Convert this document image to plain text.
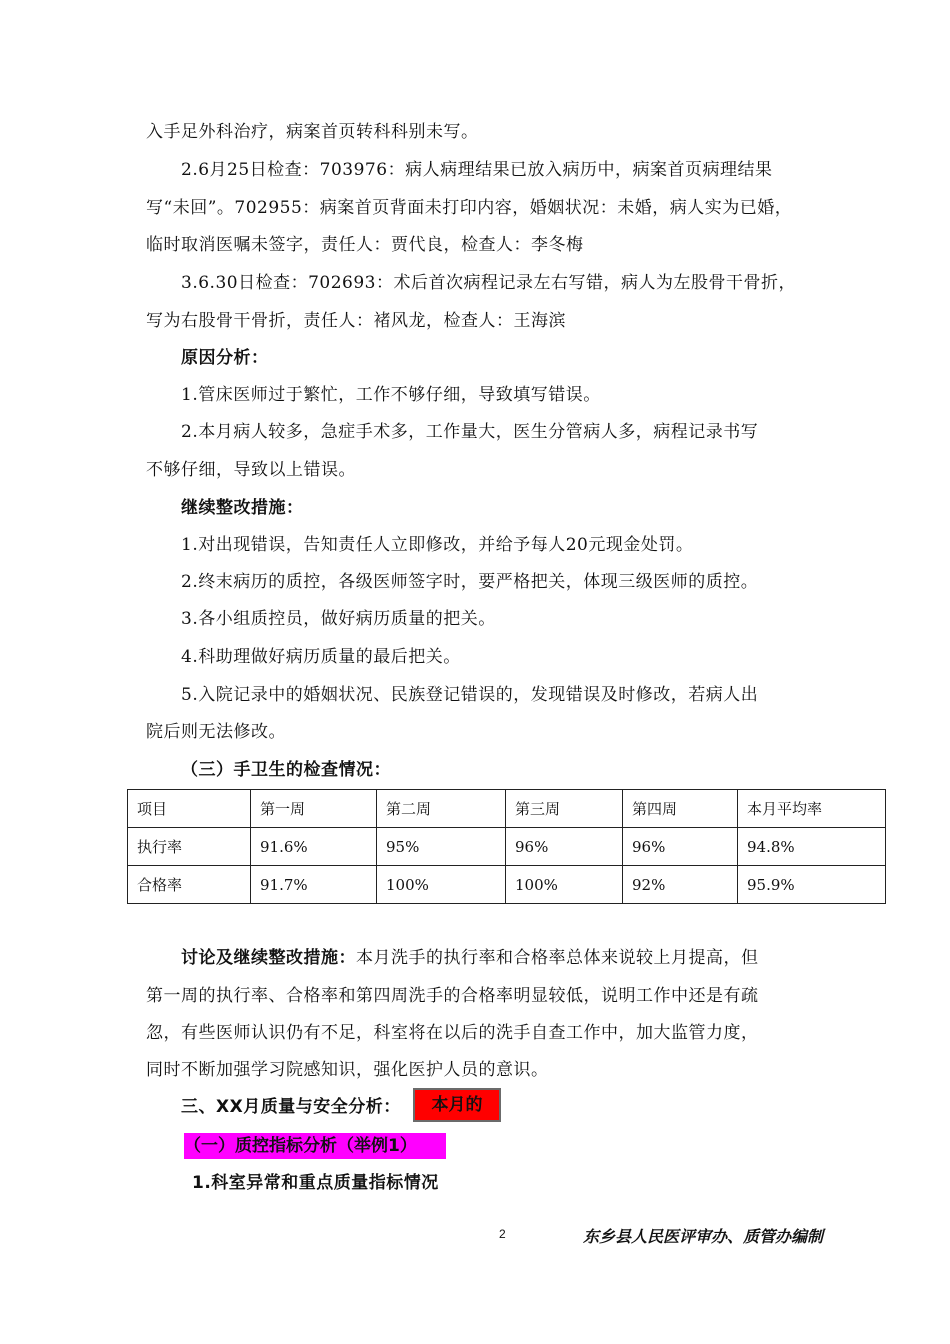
入手足外科治疗，病案首页转科科别未写。
2.6月25日检查：703976：病人病理结果已放入病历中，病案首页病理结果
写“未回”。702955：病案首页背面未打印内容，婚姻状况：未婚，病人实为已婚，
临时取消医嘱未签字，责任人：贾代良，检查人：李冬梅
3.6.30日检查：702693：术后首次病程记录左右写错，病人为左股骨干骨折，
写为右股骨干骨折，责任人：褚风龙，检查人：王海滨
原因分析：
1.管床医师过于繁忙，工作不够仔细，导致填写错误。
2.本月病人较多，急症手术多，工作量大，医生分管病人多，病程记录书写
不够仔细，导致以上错误。
继续整改措施：
1.对出现错误，告知责任人立即修改，并给予每人20元现金处罚。
2.终末病历的质控，各级医师签字时，要严格把关，体现三级医师的质控。
3.各小组质控员，做好病历质量的把关。
4.科助理做好病历质量的最后把关。
5.入院记录中的婚姻状况、民族登记错误的，发现错误及时修改，若病人出
院后则无法修改。
（三）手卫生的检查情况：
项目	第一周	第二周	第三周	第四周	本月平均率
执行率	91.6%	95%	96%	96%	94.8%
合格率	91.7%	100%	100%	92%	95.9%
讨论及继续整改措施：本月洗手的执行率和合格率总体来说较上月提高，但
第一周的执行率、合格率和第四周洗手的合格率明显较低，说明工作中还是有疏
忽，有些医师认识仍有不足，科室将在以后的洗手自查工作中，加大监管力度，
同时不断加强学习院感知识，强化医护人员的意识。
三、XX月质量与安全分析：	本月的
（一）质控指标分析（举例1）
1.科室异常和重点质量指标情况
2	东乡县人民医评审办、质管办编制
